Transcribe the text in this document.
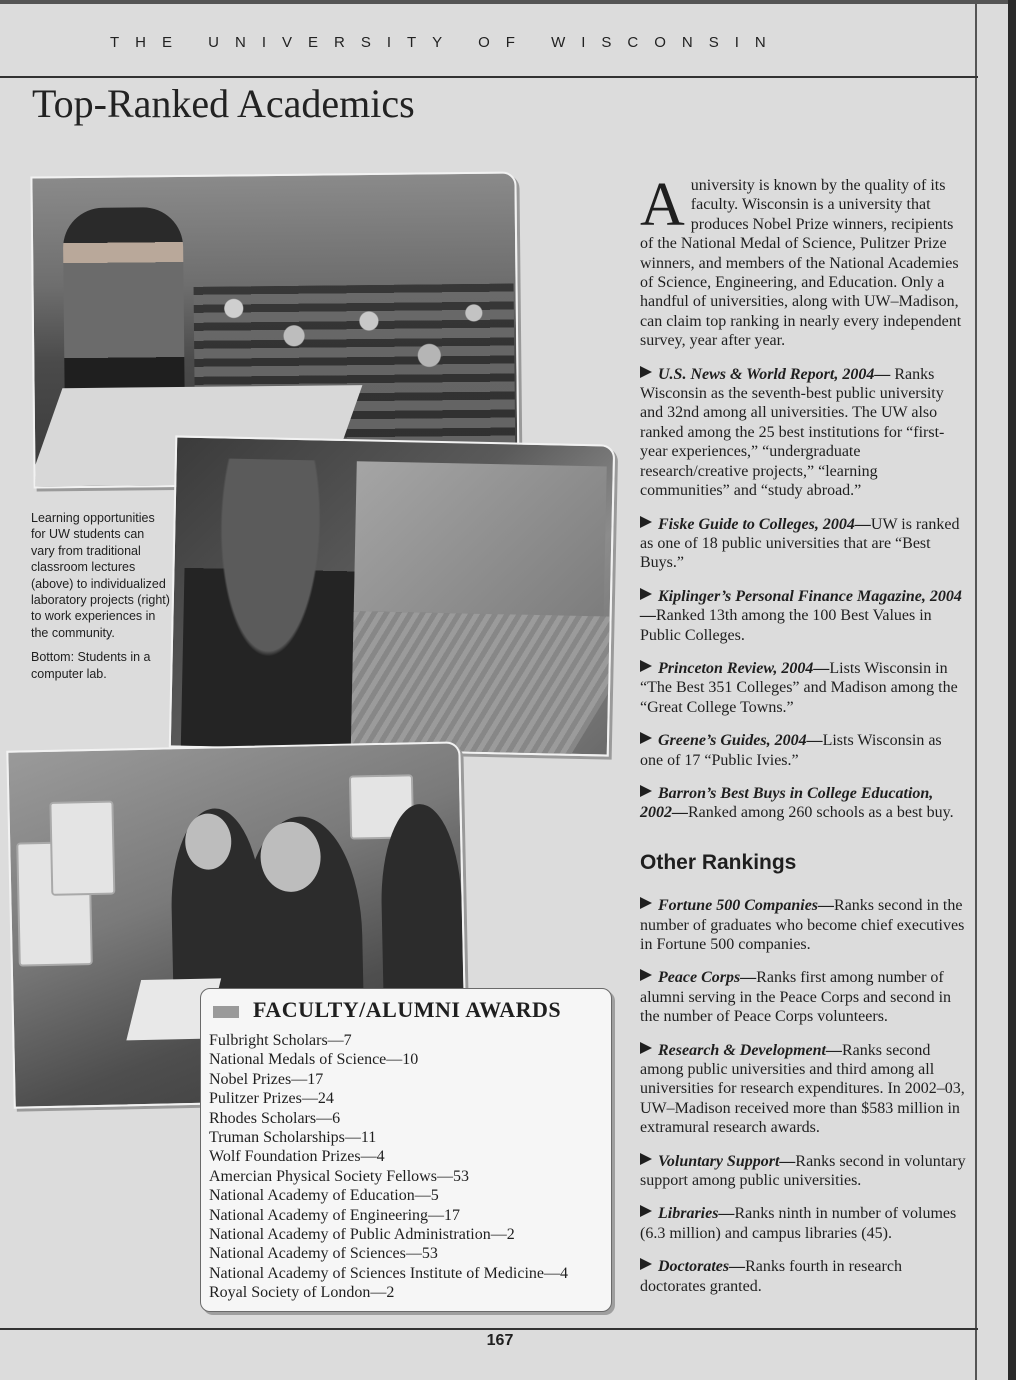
THE UNIVERSITY OF WISCONSIN
Top-Ranked Academics

Learning opportunities for UW students can vary from traditional classroom lectures (above) to individualized laboratory projects (right) to work experiences in the community.

Bottom: Students in a computer lab.

FACULTY/ALUMNI AWARDS
Fulbright Scholars—7
National Medals of Science—10
Nobel Prizes—17
Pulitzer Prizes—24
Rhodes Scholars—6
Truman Scholarships—11
Wolf Foundation Prizes—4
Amercian Physical Society Fellows—53
National Academy of Education—5
National Academy of Engineering—17
National Academy of Public Administration—2
National Academy of Sciences—53
National Academy of Sciences Institute of Medicine—4
Royal Society of London—2

A university is known by the quality of its faculty. Wisconsin is a university that produces Nobel Prize winners, recipients of the National Medal of Science, Pulitzer Prize winners, and members of the National Academies of Science, Engineering, and Education. Only a handful of universities, along with UW–Madison, can claim top ranking in nearly every independent survey, year after year.

U.S. News & World Report, 2004— Ranks Wisconsin as the seventh-best public university and 32nd among all universities. The UW also ranked among the 25 best institutions for “first-year experiences,” “undergraduate research/creative projects,” “learning communities” and “study abroad.”

Fiske Guide to Colleges, 2004—UW is ranked as one of 18 public universities that are “Best Buys.”

Kiplinger’s Personal Finance Magazine, 2004—Ranked 13th among the 100 Best Values in Public Colleges.

Princeton Review, 2004—Lists Wisconsin in “The Best 351 Colleges” and Madison among the “Great College Towns.”

Greene’s Guides, 2004—Lists Wisconsin as one of 17 “Public Ivies.”

Barron’s Best Buys in College Education, 2002—Ranked among 260 schools as a best buy.

Other Rankings

Fortune 500 Companies—Ranks second in the number of graduates who become chief executives in Fortune 500 companies.

Peace Corps—Ranks first among number of alumni serving in the Peace Corps and second in the number of Peace Corps volunteers.

Research & Development—Ranks second among public universities and third among all universities for research expenditures. In 2002–03, UW–Madison received more than $583 million in extramural research awards.

Voluntary Support—Ranks second in voluntary support among public universities.

Libraries—Ranks ninth in number of volumes (6.3 million) and campus libraries (45).

Doctorates—Ranks fourth in research doctorates granted.

167
